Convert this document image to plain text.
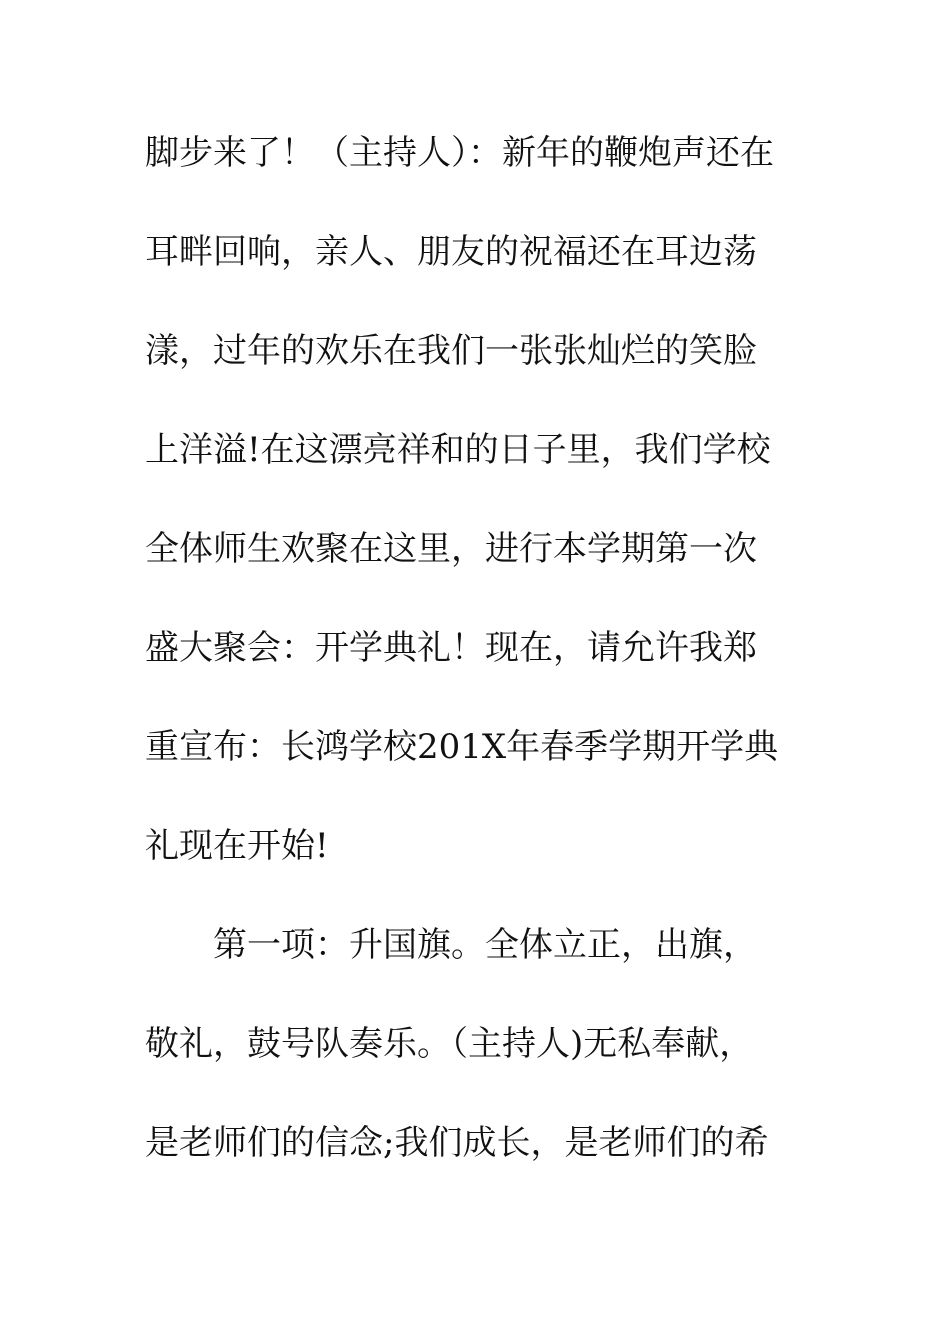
脚步来了！（主持人）：新年的鞭炮声还在
耳畔回响，亲人、朋友的祝福还在耳边荡
漾，过年的欢乐在我们一张张灿烂的笑脸
上洋溢!在这漂亮祥和的日子里，我们学校
全体师生欢聚在这里，进行本学期第一次
盛大聚会：开学典礼！现在，请允许我郑
重宣布：长鸿学校201X年春季学期开学典
礼现在开始!
第一项：升国旗。全体立正，出旗，
敬礼，鼓号队奏乐。（主持人)无私奉献，
是老师们的信念;我们成长，是老师们的希
